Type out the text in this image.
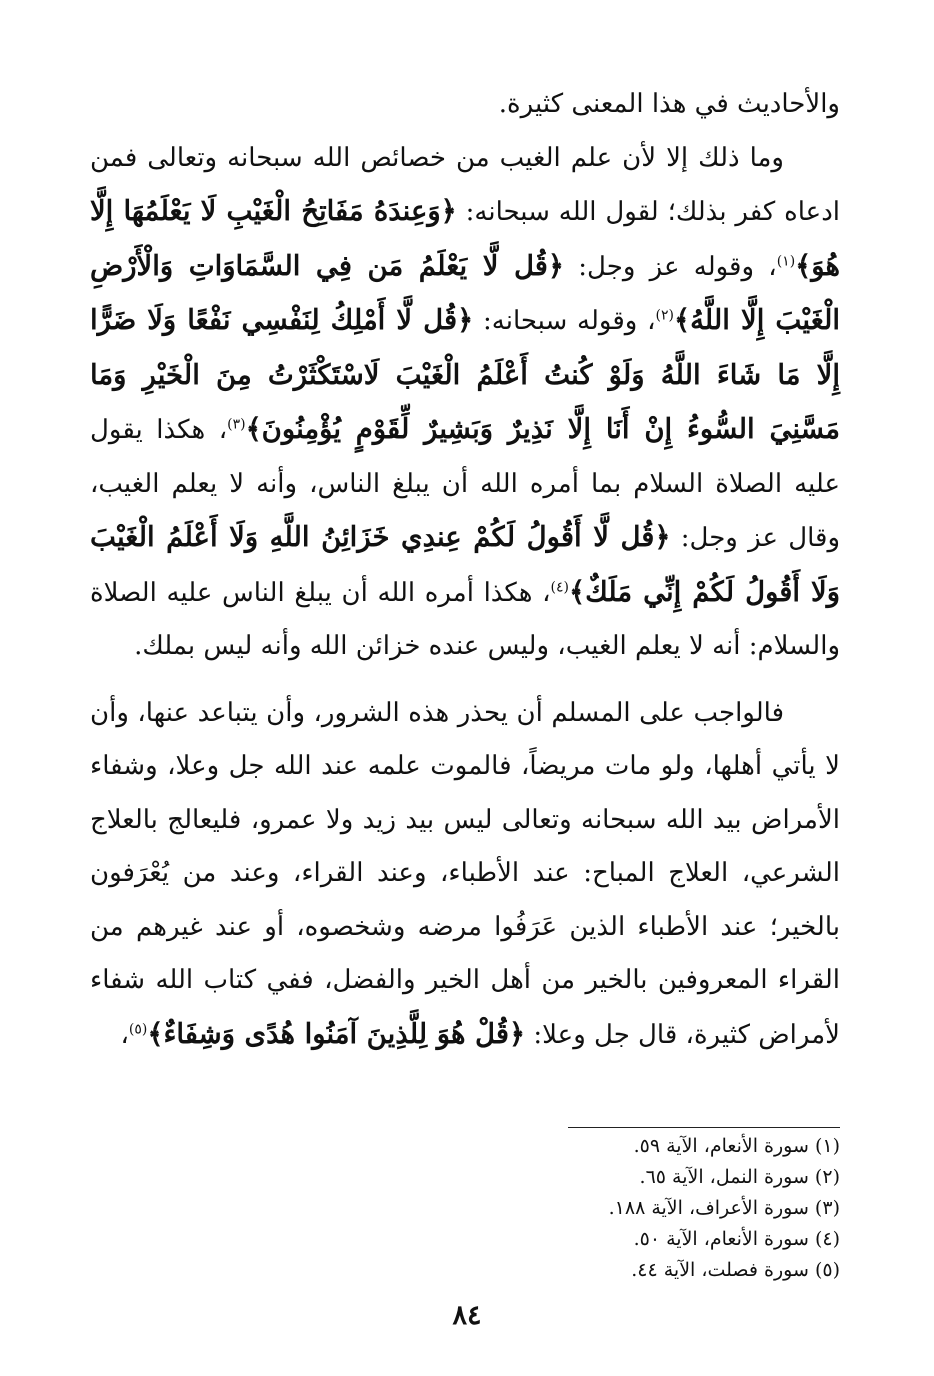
والأحاديث في هذا المعنى كثيرة.

وما ذلك إلا لأن علم الغيب من خصائص الله سبحانه وتعالى فمن ادعاه كفر بذلك؛ لقول الله سبحانه: ﴿وَعِندَهُ مَفَاتِحُ الْغَيْبِ لَا يَعْلَمُهَا إِلَّا هُوَ﴾$^{(١)}$، وقوله عز وجل: ﴿قُل لَّا يَعْلَمُ مَن فِي السَّمَاوَاتِ وَالْأَرْضِ الْغَيْبَ إِلَّا اللَّهُ﴾$^{(٢)}$، وقوله سبحانه: ﴿قُل لَّا أَمْلِكُ لِنَفْسِي نَفْعًا وَلَا ضَرًّا إِلَّا مَا شَاءَ اللَّهُ وَلَوْ كُنتُ أَعْلَمُ الْغَيْبَ لَاسْتَكْثَرْتُ مِنَ الْخَيْرِ وَمَا مَسَّنِيَ السُّوءُ إِنْ أَنَا إِلَّا نَذِيرٌ وَبَشِيرٌ لِّقَوْمٍ يُؤْمِنُونَ﴾$^{(٣)}$، هكذا يقول عليه الصلاة السلام بما أمره الله أن يبلغ الناس، وأنه لا يعلم الغيب، وقال عز وجل: ﴿قُل لَّا أَقُولُ لَكُمْ عِندِي خَزَائِنُ اللَّهِ وَلَا أَعْلَمُ الْغَيْبَ وَلَا أَقُولُ لَكُمْ إِنِّي مَلَكٌ﴾$^{(٤)}$، هكذا أمره الله أن يبلغ الناس عليه الصلاة والسلام: أنه لا يعلم الغيب، وليس عنده خزائن الله وأنه ليس بملك.

فالواجب على المسلم أن يحذر هذه الشرور، وأن يتباعد عنها، وأن لا يأتي أهلها، ولو مات مريضاً، فالموت علمه عند الله جل وعلا، وشفاء الأمراض بيد الله سبحانه وتعالى ليس بيد زيد ولا عمرو، فليعالج بالعلاج الشرعي، العلاج المباح: عند الأطباء، وعند القراء، وعند من يُعْرَفون بالخير؛ عند الأطباء الذين عَرَفُوا مرضه وشخصوه، أو عند غيرهم من القراء المعروفين بالخير من أهل الخير والفضل، ففي كتاب الله شفاء لأمراض كثيرة، قال جل وعلا: ﴿قُلْ هُوَ لِلَّذِينَ آمَنُوا هُدًى وَشِفَاءٌ﴾$^{(٥)}$،

(١) سورة الأنعام، الآية ٥٩.
(٢) سورة النمل، الآية ٦٥.
(٣) سورة الأعراف، الآية ١٨٨.
(٤) سورة الأنعام، الآية ٥٠.
(٥) سورة فصلت، الآية ٤٤.
٨٤
